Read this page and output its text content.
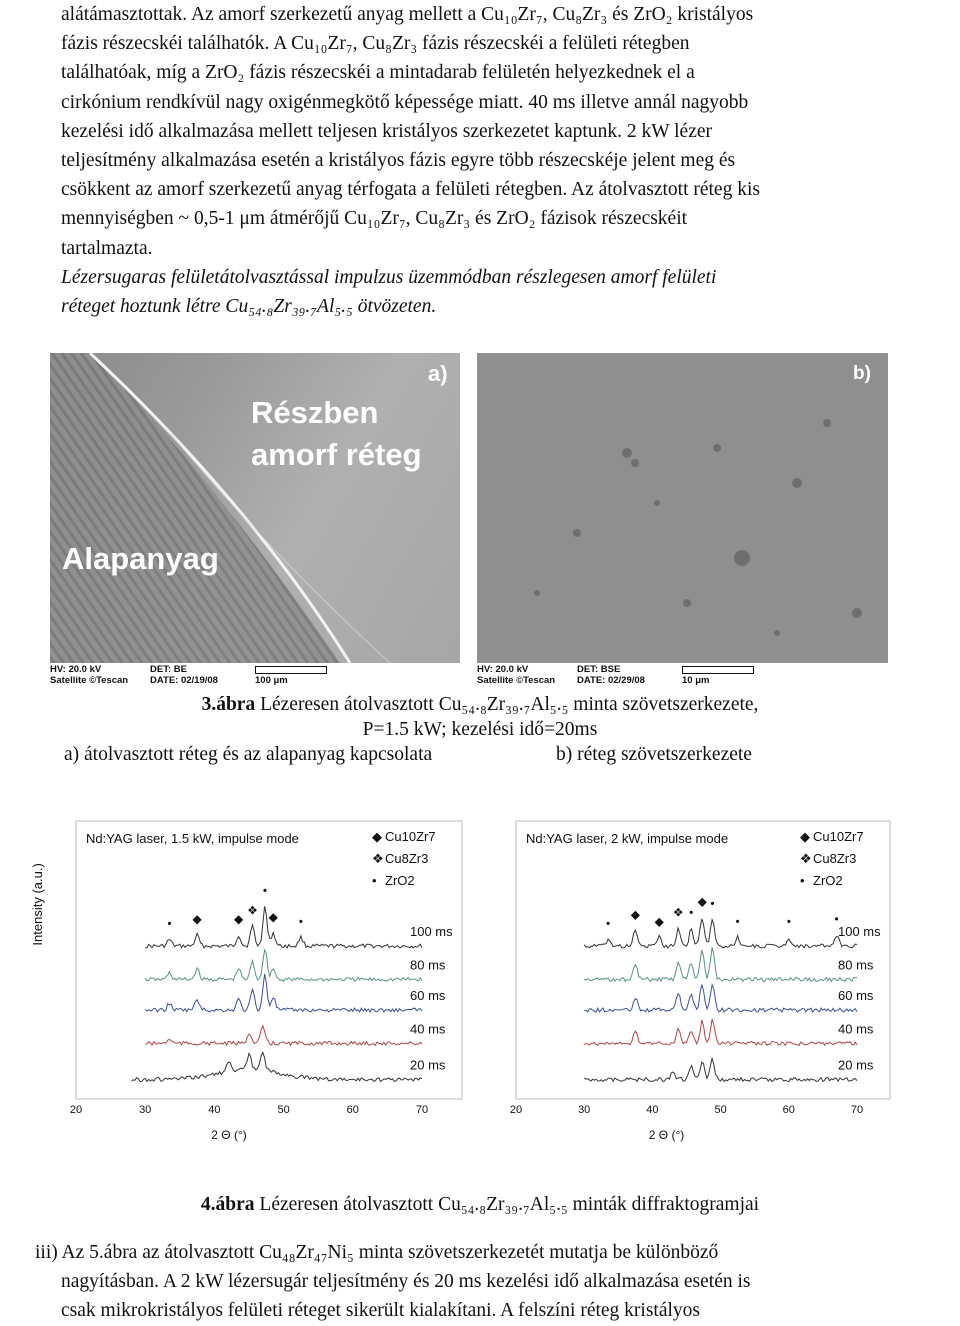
alátámasztottak. Az amorf szerkezetű anyag mellett a Cu₁₀Zr₇, Cu₈Zr₃ és ZrO₂ kristályos

fázis részecskéi találhatók. A Cu₁₀Zr₇, Cu₈Zr₃ fázis részecskéi a felületi rétegben

találhatóak, míg a ZrO₂ fázis részecskéi a mintadarab felületén helyezkednek el a

cirkónium rendkívül nagy oxigénmegkötő képessége miatt. 40 ms illetve annál nagyobb

kezelési idő alkalmazása mellett teljesen kristályos szerkezetet kaptunk. 2 kW lézer

teljesítmény alkalmazása esetén a kristályos fázis egyre több részecskéje jelent meg és

csökkent az amorf szerkezetű anyag térfogata a felületi rétegben. Az átolvasztott réteg kis

mennyiségben ~ 0,5-1 μm átmérőjű Cu₁₀Zr₇, Cu₈Zr₃ és ZrO₂ fázisok részecskéit

tartalmazta.

Lézersugaras felületátolvasztással impulzus üzemmódban részlegesen amorf felületi

réteget hoztunk létre Cu₅₄.₈Zr₃₉.₇Al₅.₅ ötvözeten.

a)
Részben
amorf réteg
Alapanyag
HV: 20.0 kV	DET: BE
Satellite ©Tescan DATE: 02/19/08	100 μm
b)
HV: 20.0 kV	DET: BSE
Satellite ©Tescan DATE: 02/29/08	10 μm
3.ábra Lézeresen átolvasztott Cu₅₄.₈Zr₃₉.₇Al₅.₅ minta szövetszerkezete,
P=1.5 kW; kezelési idő=20ms
a) átolvasztott réteg és az alapanyag kapcsolata	b) réteg szövetszerkezete
Nd:YAG laser, 1.5 kW, impulse mode	◆ Cu10Zr7
❖ Cu8Zr3
• ZrO2
100 ms
80 ms
60 ms
40 ms
20 ms
20	30	40	50	60	70
2 Θ (°)
Intensity (a.u.)	• ◆	◆
❖
•
◆ •
Nd:YAG laser, 2 kW, impulse mode	◆ Cu10Zr7
❖ Cu8Zr3
• ZrO2
100 ms
80 ms
60 ms
40 ms
20 ms
20	30	40	50	60	70
2 Θ (°)
•
◆ ◆
❖ •
◆ •
•	•	•
4.ábra Lézeresen átolvasztott Cu₅₄.₈Zr₃₉.₇Al₅.₅ minták diffraktogramjai

iii) Az 5.ábra az átolvasztott Cu₄₈Zr₄₇Ni₅ minta szövetszerkezetét mutatja be különböző

nagyításban. A 2 kW lézersugár teljesítmény és 20 ms kezelési idő alkalmazása esetén is

csak mikrokristályos felületi réteget sikerült kialakítani. A felszíni réteg kristályos
